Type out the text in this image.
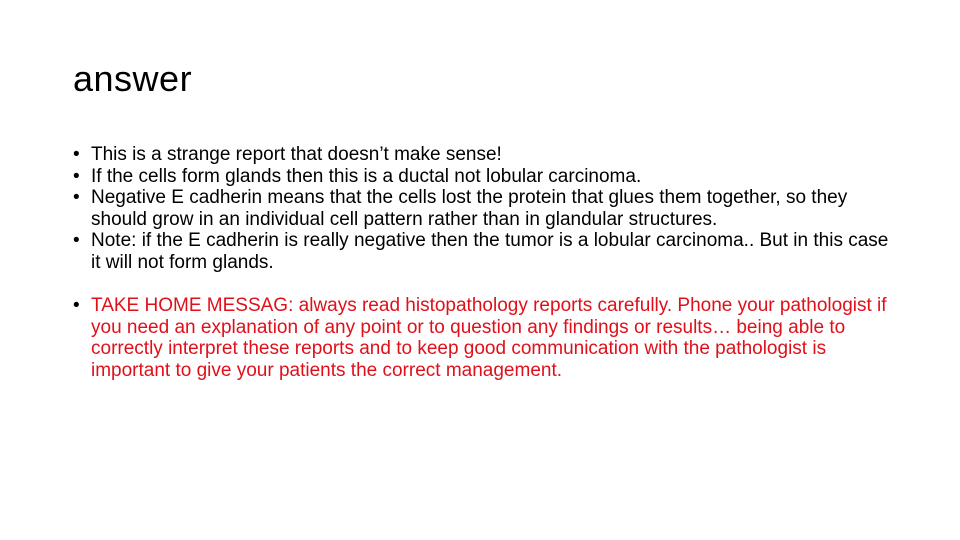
answer
• This is a strange report that doesn’t make sense!
• If the cells form glands then this is a ductal not lobular carcinoma.
• Negative E cadherin means that the cells lost the protein that glues them together, so they should grow in an individual cell pattern rather than in glandular structures.
• Note: if the E cadherin is really negative then the tumor is a lobular carcinoma.. But in this case it will not form glands.
• TAKE HOME MESSAG: always read histopathology reports carefully. Phone your pathologist if you need an explanation of any point or to question any findings or results… being able to correctly interpret these reports and to keep good communication with the pathologist is important to give your patients the correct management.
